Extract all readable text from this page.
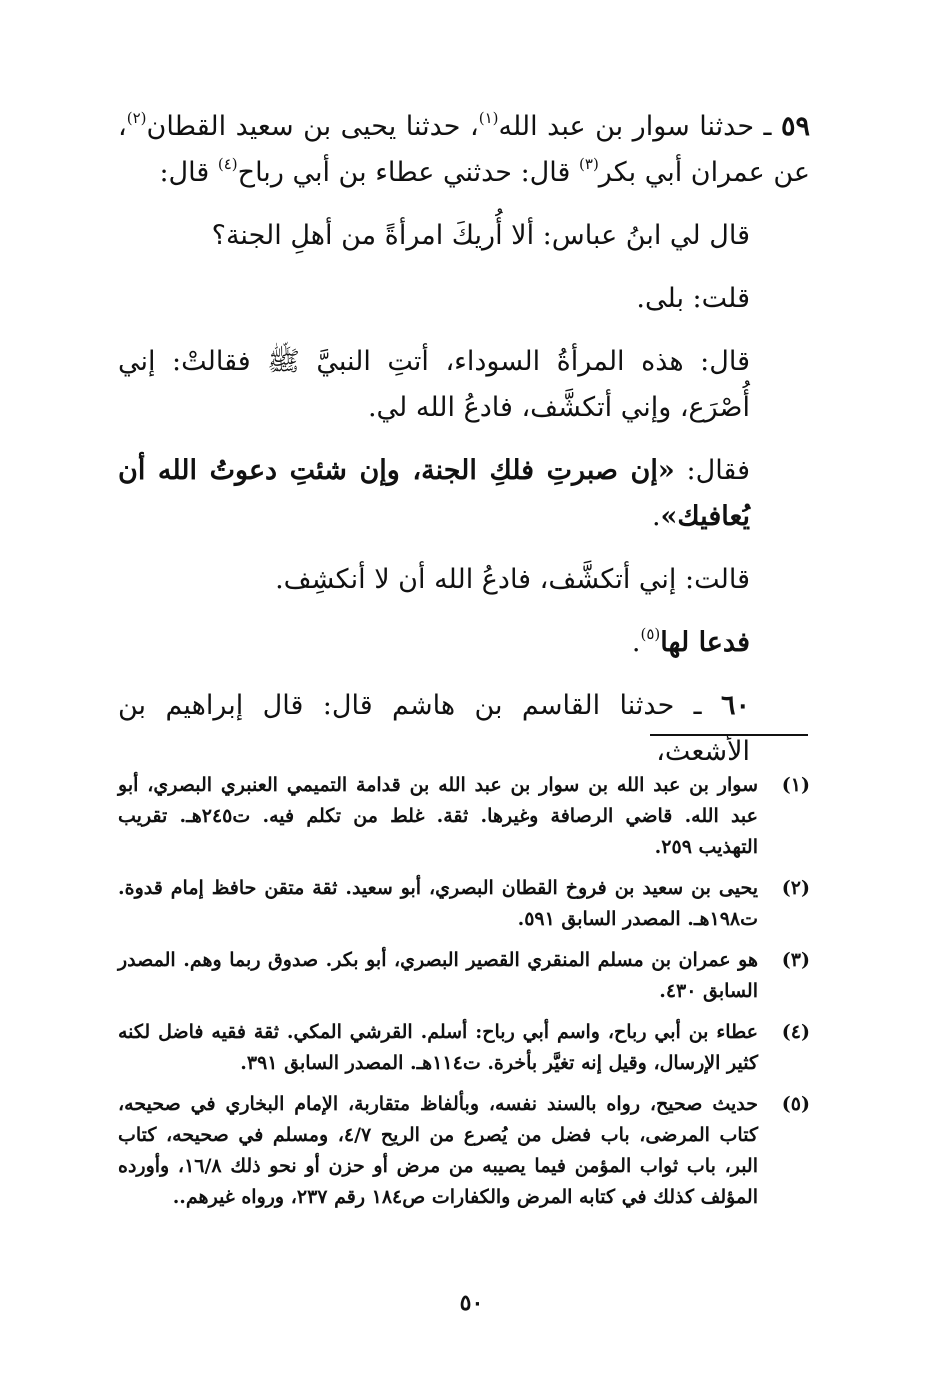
٥٩ ـ حدثنا سوار بن عبد الله$^{(١)}$، حدثنا يحيى بن سعيد القطان$^{(٢)}$، عن عمران أبي بكر$^{(٣)}$ قال: حدثني عطاء بن أبي رباح$^{(٤)}$ قال:

قال لي ابنُ عباس: ألا أُريكَ امرأةً من أهلِ الجنة؟

قلت: بلى.

قال: هذه المرأةُ السوداء، أتتِ النبيَّ ﷺ فقالتْ: إني أُصْرَع، وإني أتكشَّف، فادعُ الله لي.

فقال: «إن صبرتِ فلكِ الجنة، وإن شئتِ دعوتُ الله أن يُعافيك».

قالت: إني أتكشَّف، فادعُ الله أن لا أنكشِف.

فدعا لها$^{(٥)}$.

٦٠ ـ حدثنا القاسم بن هاشم قال: قال إبراهيم بن الأشعث،

(١)
سوار بن عبد الله بن سوار بن عبد الله بن قدامة التميمي العنبري البصري، أبو عبد الله. قاضي الرصافة وغيرها. ثقة. غلط من تكلم فيه. ت٢٤٥هـ. تقريب التهذيب ٢٥٩.
(٢)
يحيى بن سعيد بن فروخ القطان البصري، أبو سعيد. ثقة متقن حافظ إمام قدوة. ت١٩٨هـ. المصدر السابق ٥٩١.
(٣)
هو عمران بن مسلم المنقري القصير البصري، أبو بكر. صدوق ربما وهم. المصدر السابق ٤٣٠.
(٤)
عطاء بن أبي رباح، واسم أبي رباح: أسلم. القرشي المكي. ثقة فقيه فاضل لكنه كثير الإرسال، وقيل إنه تغيَّر بأخرة. ت١١٤هـ. المصدر السابق ٣٩١.
(٥)
حديث صحيح، رواه بالسند نفسه، وبألفاظ متقاربة، الإمام البخاري في صحيحه، كتاب المرضى، باب فضل من يُصرع من الريح ٤/٧، ومسلم في صحيحه، كتاب البر، باب ثواب المؤمن فيما يصيبه من مرض أو حزن أو نحو ذلك ١٦/٨، وأورده المؤلف كذلك في كتابه المرض والكفارات ص١٨٤ رقم ٢٣٧، ورواه غيرهم..
٥٠
